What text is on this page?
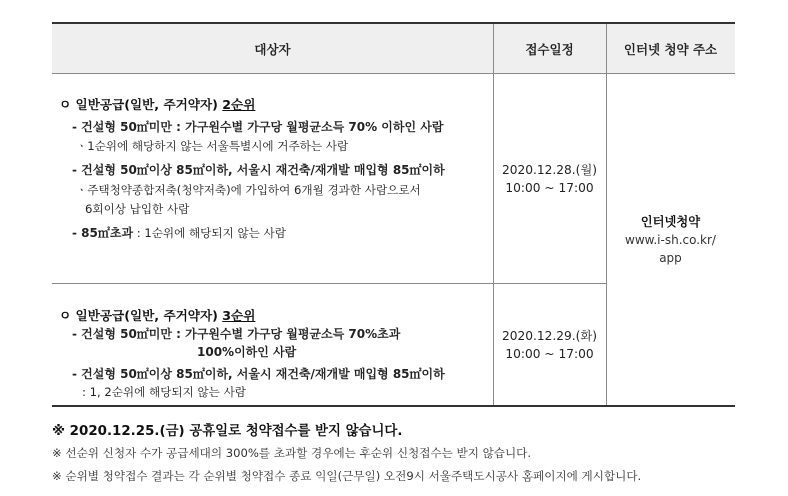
대상자	접수일정	인터넷 청약 주소
ㅇ 일반공급(일반, 주거약자) 2순위
- 건설형 50㎡미만 : 가구원수별 가구당 월평균소득 70% 이하인 사람
ㆍ1순위에 해당하지 않는 서울특별시에 거주하는 사람
- 건설형 50㎡이상 85㎡이하, 서울시 재건축/재개발 매입형 85㎡이하
ㆍ주택청약종합저축(청약저축)에 가입하여 6개월 경과한 사람으로서
6회이상 납입한 사람
- 85㎡초과 : 1순위에 해당되지 않는 사람
2020.12.28.(월)
10:00 ~ 17:00
ㅇ 일반공급(일반, 주거약자) 3순위
- 건설형 50㎡미만 : 가구원수별 가구당 월평균소득 70%초과
100%이하인 사람
- 건설형 50㎡이상 85㎡이하, 서울시 재건축/재개발 매입형 85㎡이하
: 1, 2순위에 해당되지 않는 사람
2020.12.29.(화)
10:00 ~ 17:00
인터넷청약
www.i-sh.co.kr/
app
※ 2020.12.25.(금) 공휴일로 청약접수를 받지 않습니다.
※ 선순위 신청자 수가 공급세대의 300%를 초과할 경우에는 후순위 신청접수는 받지 않습니다.
※ 순위별 청약접수 결과는 각 순위별 청약접수 종료 익일(근무일) 오전9시 서울주택도시공사 홈페이지에 게시합니다.
